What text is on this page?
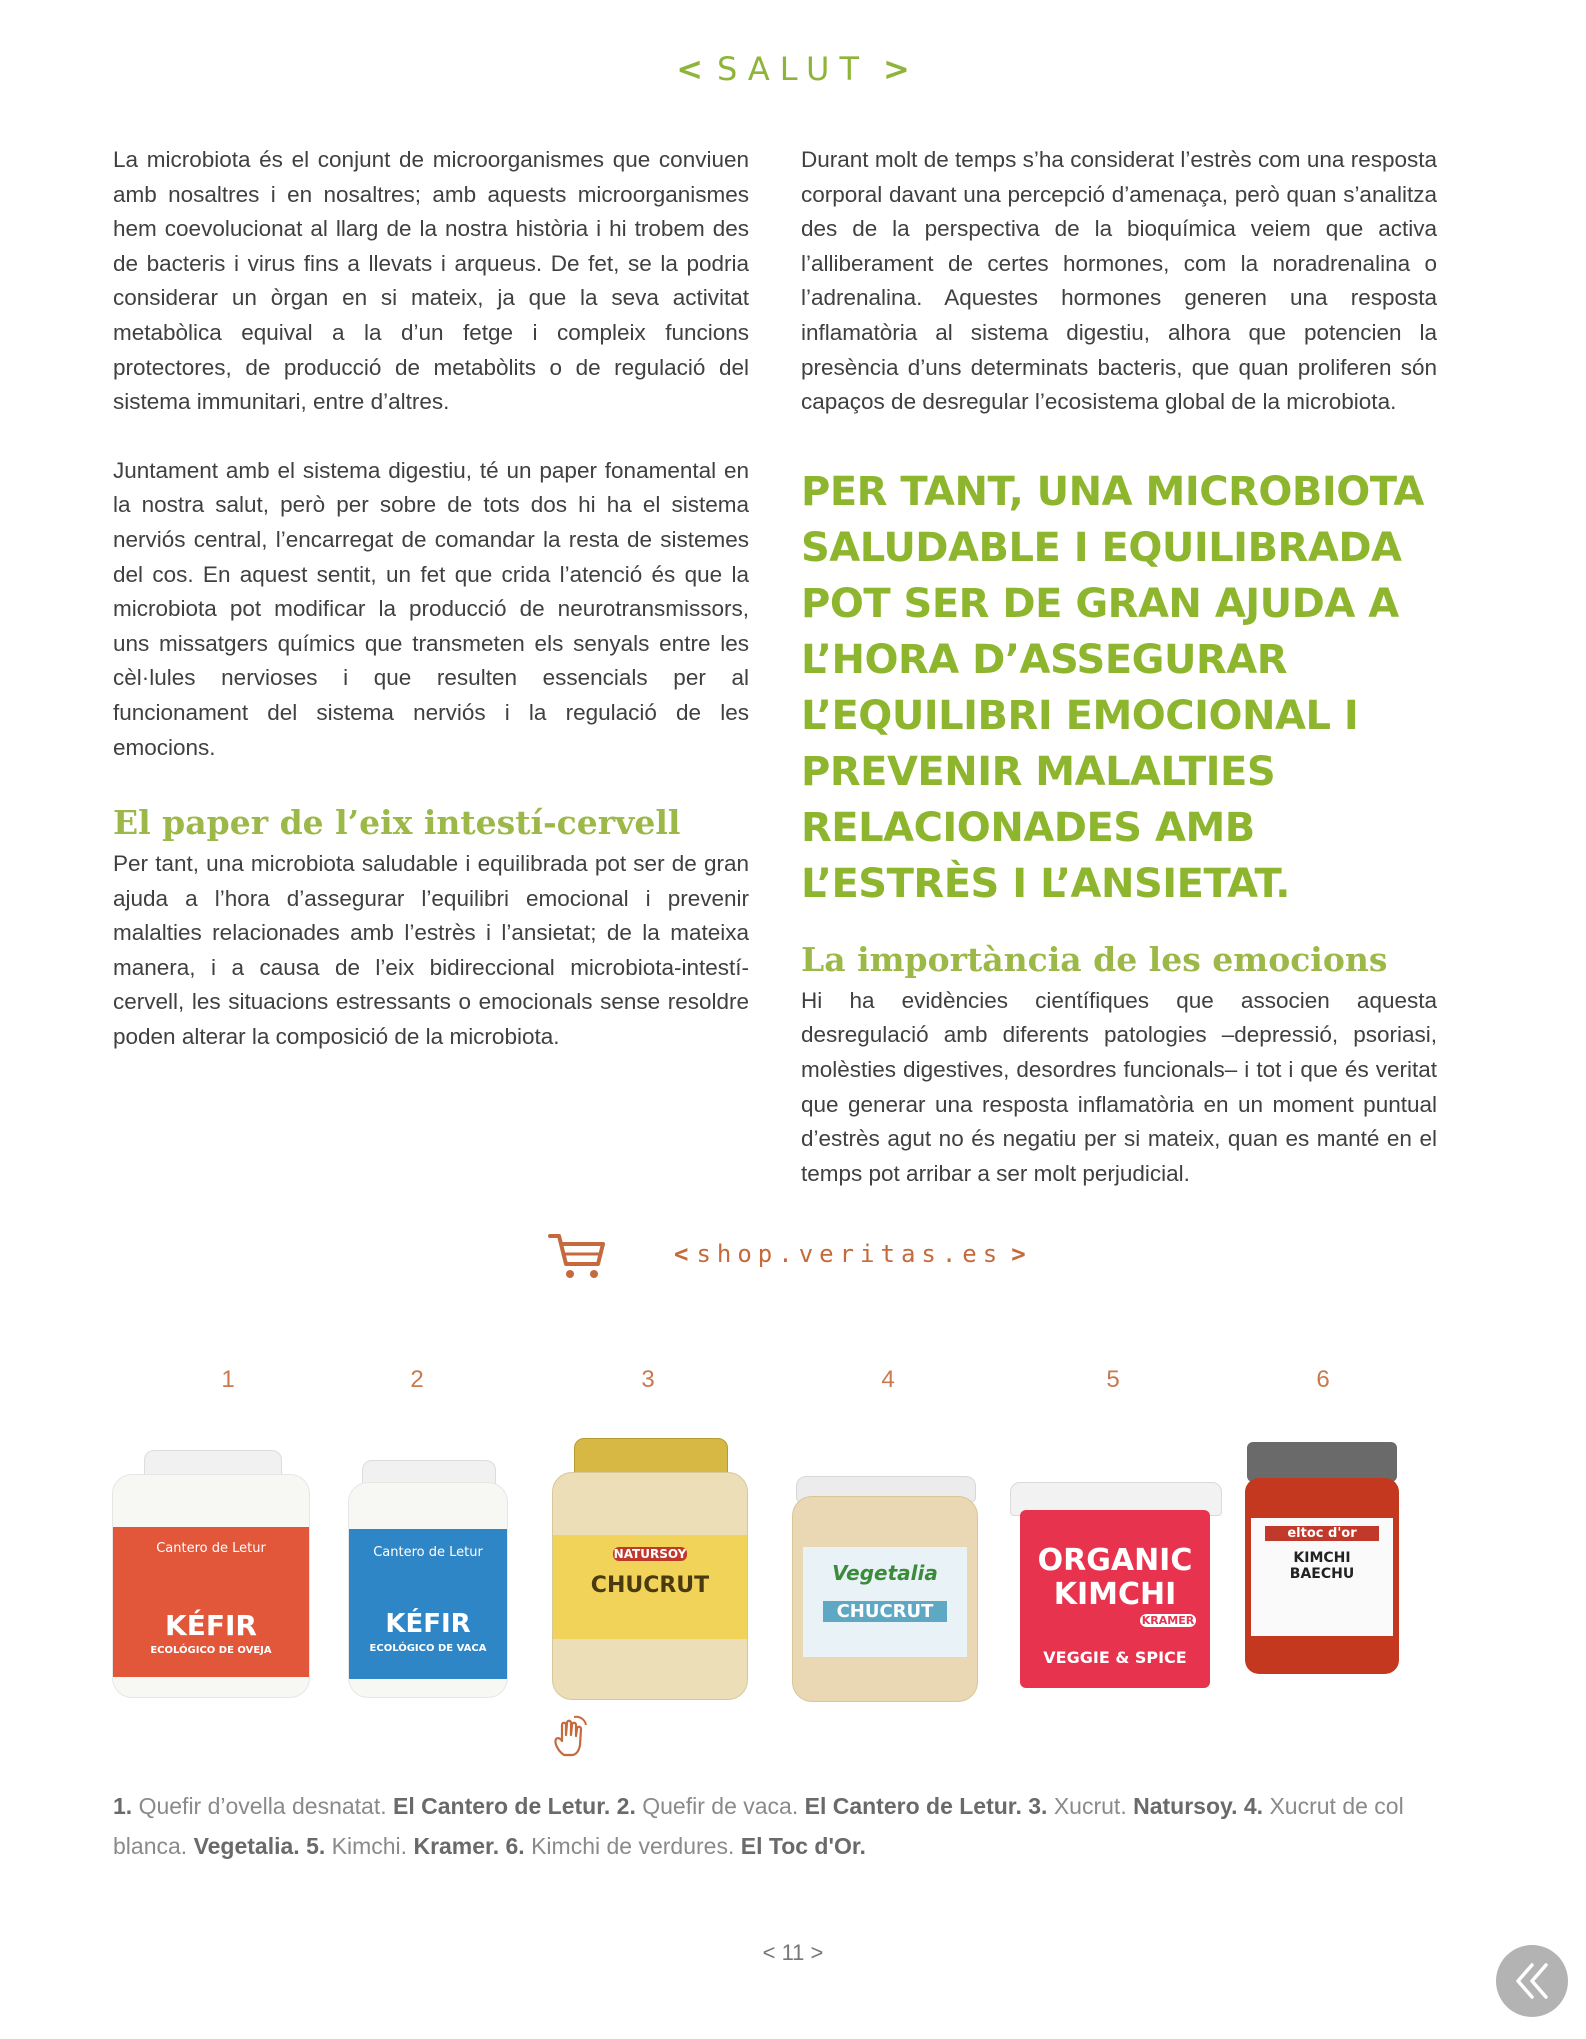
< SALUT >

La microbiota és el conjunt de microorganismes que conviuen amb nosaltres i en nosaltres; amb aquests microorganismes hem coevolucionat al llarg de la nostra història i hi trobem des de bacteris i virus fins a llevats i arqueus. De fet, se la podria considerar un òrgan en si mateix, ja que la seva activitat metabòlica equival a la d’un fetge i compleix funcions protectores, de producció de metabòlits o de regulació del sistema immunitari, entre d’altres.

Juntament amb el sistema digestiu, té un paper fonamental en la nostra salut, però per sobre de tots dos hi ha el sistema nerviós central, l’encarregat de comandar la resta de sistemes del cos. En aquest sentit, un fet que crida l’atenció és que la microbiota pot modificar la producció de neurotransmissors, uns missatgers químics que transmeten els senyals entre les cèl·lules nervioses i que resulten essencials per al funcionament del sistema nerviós i la regulació de les emocions.

El paper de l’eix intestí-cervell

Per tant, una microbiota saludable i equilibrada pot ser de gran ajuda a l’hora d’assegurar l’equilibri emocional i prevenir malalties relacionades amb l’estrès i l’ansietat; de la mateixa manera, i a causa de l’eix bidireccional microbiota-intestí-cervell, les situacions estressants o emocionals sense resoldre poden alterar la composició de la microbiota.

Durant molt de temps s’ha considerat l’estrès com una resposta corporal davant una percepció d’amenaça, però quan s’analitza des de la perspectiva de la bioquímica veiem que activa l’alliberament de certes hormones, com la noradrenalina o l’adrenalina. Aquestes hormones generen una resposta inflamatòria al sistema digestiu, alhora que potencien la presència d’uns determinats bacteris, que quan proliferen són capaços de desregular l’ecosistema global de la microbiota.

PER TANT, UNA MICROBIOTA SALUDABLE I EQUILIBRADA POT SER DE GRAN AJUDA A L’HORA D’ASSEGURAR L’EQUILIBRI EMOCIONAL I PREVENIR MALALTIES RELACIONADES AMB L’ESTRÈS I L’ANSIETAT.
La importància de les emocions

Hi ha evidències científiques que associen aquesta desregulació amb diferents patologies –depressió, psoriasi, molèsties digestives, desordres funcionals– i tot i que és veritat que generar una resposta inflamatòria en un moment puntual d’estrès agut no és negatiu per si mateix, quan es manté en el temps pot arribar a ser molt perjudicial.

< shop.veritas.es >
1	2	3	4	5	6
Cantero de Letur
KÉFIR
ECOLÓGICO DE OVEJA
Cantero de Letur
KÉFIR
ECOLÓGICO DE VACA
NATURSOY
CHUCRUT	Vegetalia
CHUCRUT
ORGANIC KIMCHI
KRAMER
VEGGIE & SPICE
eltoc d'or
KIMCHI BAECHU
1. Quefir d’ovella desnatat. El Cantero de Letur. 2. Quefir de vaca. El Cantero de Letur. 3. Xucrut. Natursoy. 4. Xucrut de col blanca. Vegetalia. 5. Kimchi. Kramer. 6. Kimchi de verdures. El Toc d'Or.
< 11 >
